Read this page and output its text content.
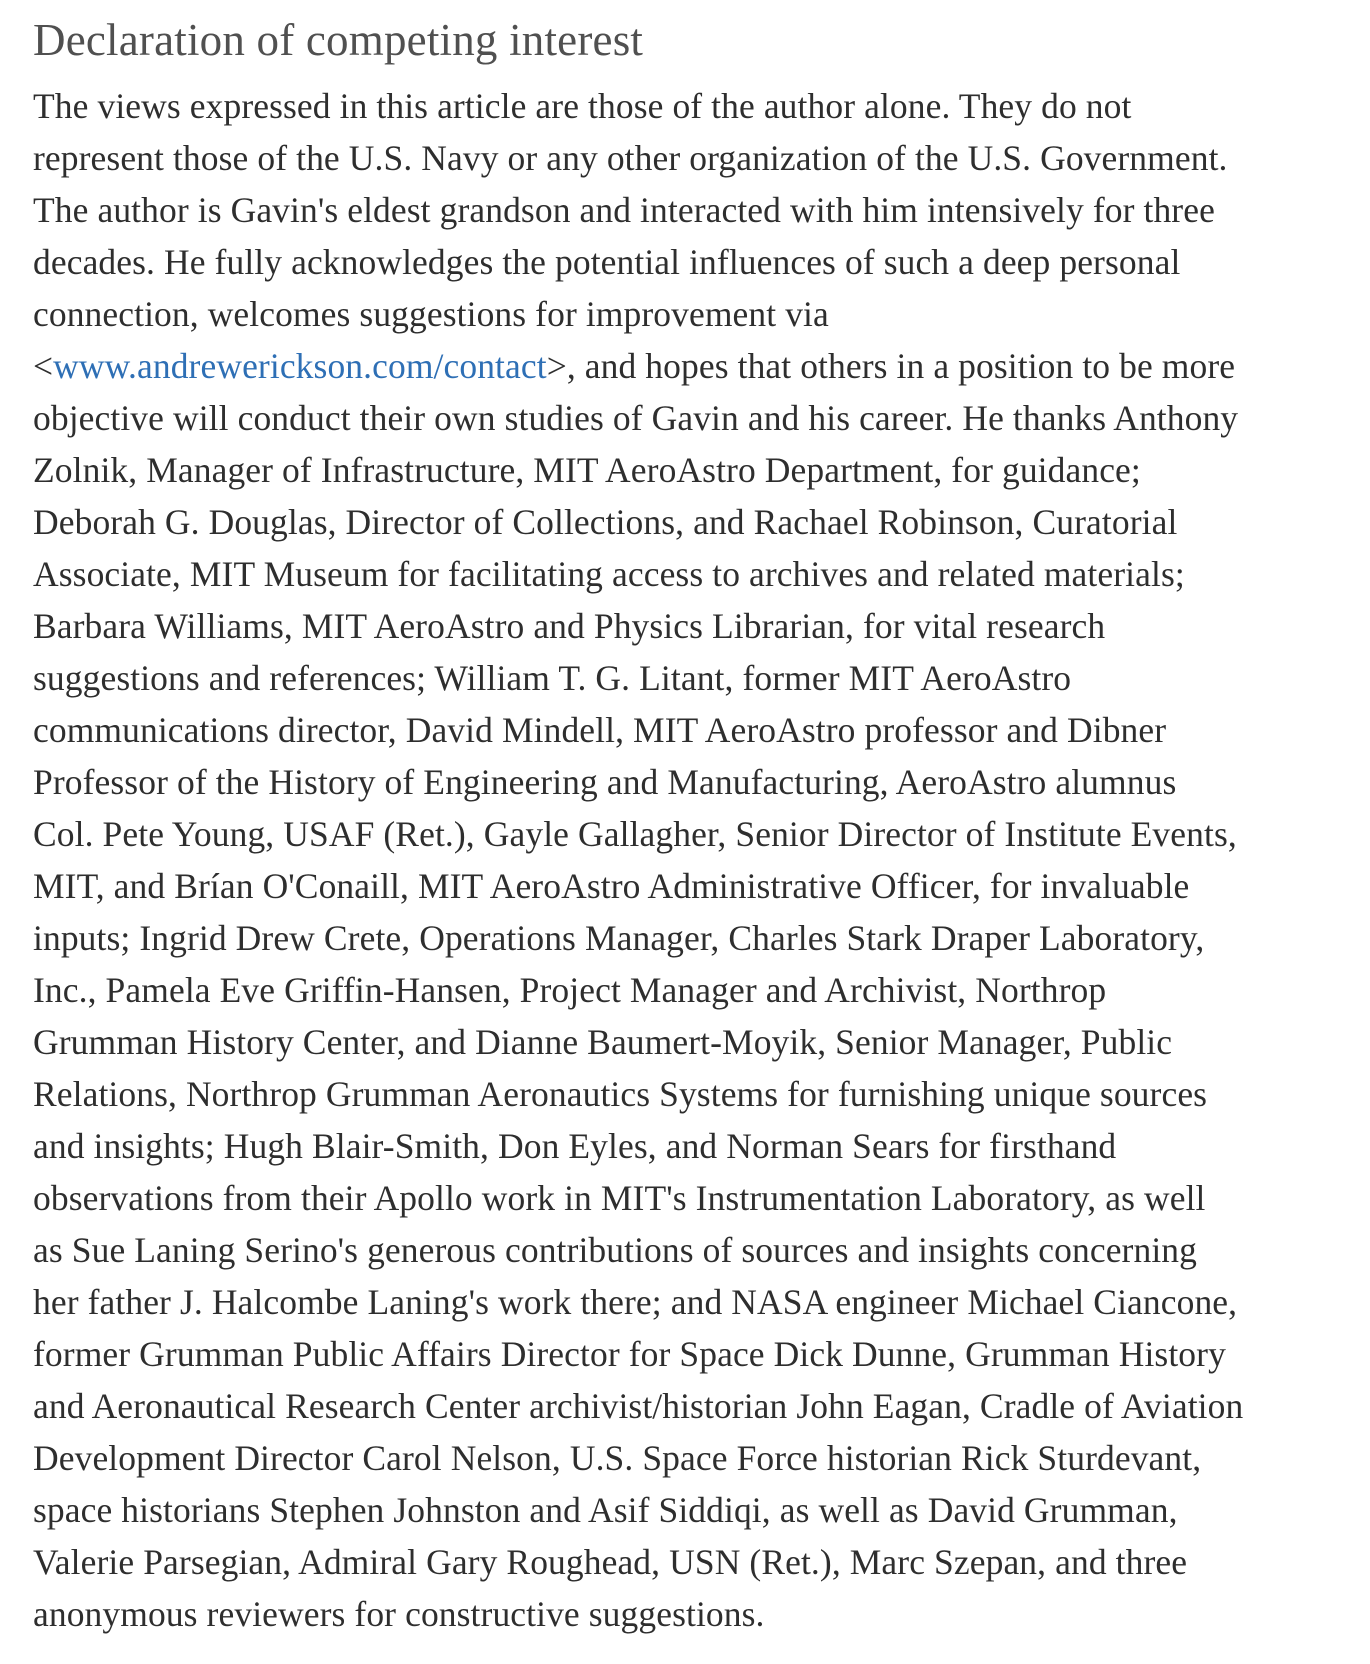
Declaration of competing interest

The views expressed in this article are those of the author alone. They do not
represent those of the U.S. Navy or any other organization of the U.S. Government.
The author is Gavin's eldest grandson and interacted with him intensively for three
decades. He fully acknowledges the potential influences of such a deep personal
connection, welcomes suggestions for improvement via
<www.andrewerickson.com/contact>, and hopes that others in a position to be more
objective will conduct their own studies of Gavin and his career. He thanks Anthony
Zolnik, Manager of Infrastructure, MIT AeroAstro Department, for guidance;
Deborah G. Douglas, Director of Collections, and Rachael Robinson, Curatorial
Associate, MIT Museum for facilitating access to archives and related materials;
Barbara Williams, MIT AeroAstro and Physics Librarian, for vital research
suggestions and references; William T. G. Litant, former MIT AeroAstro
communications director, David Mindell, MIT AeroAstro professor and Dibner
Professor of the History of Engineering and Manufacturing, AeroAstro alumnus
Col. Pete Young, USAF (Ret.), Gayle Gallagher, Senior Director of Institute Events,
MIT, and Brían O'Conaill, MIT AeroAstro Administrative Officer, for invaluable
inputs; Ingrid Drew Crete, Operations Manager, Charles Stark Draper Laboratory,
Inc., Pamela Eve Griffin-Hansen, Project Manager and Archivist, Northrop
Grumman History Center, and Dianne Baumert-Moyik, Senior Manager, Public
Relations, Northrop Grumman Aeronautics Systems for furnishing unique sources
and insights; Hugh Blair-Smith, Don Eyles, and Norman Sears for firsthand
observations from their Apollo work in MIT's Instrumentation Laboratory, as well
as Sue Laning Serino's generous contributions of sources and insights concerning
her father J. Halcombe Laning's work there; and NASA engineer Michael Ciancone,
former Grumman Public Affairs Director for Space Dick Dunne, Grumman History
and Aeronautical Research Center archivist/historian John Eagan, Cradle of Aviation
Development Director Carol Nelson, U.S. Space Force historian Rick Sturdevant,
space historians Stephen Johnston and Asif Siddiqi, as well as David Grumman,
Valerie Parsegian, Admiral Gary Roughead, USN (Ret.), Marc Szepan, and three
anonymous reviewers for constructive suggestions.
